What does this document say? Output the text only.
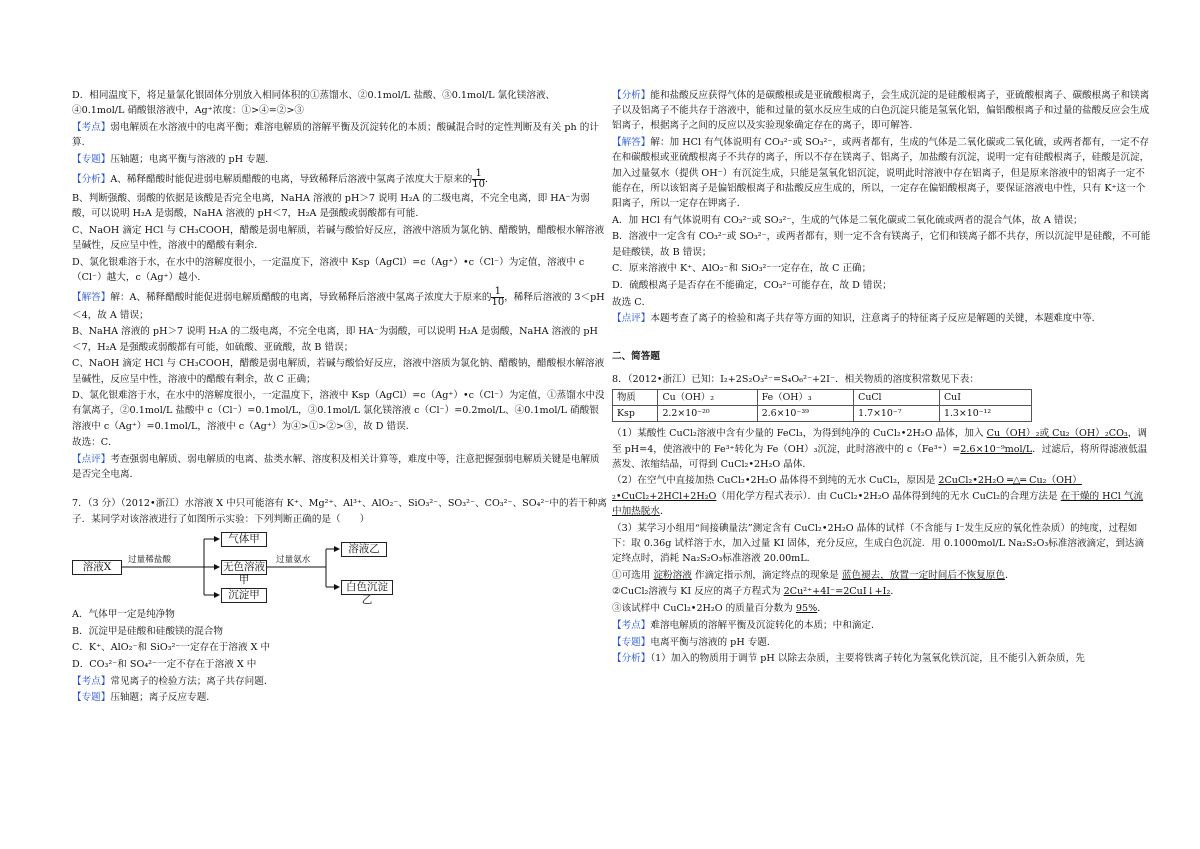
D．相同温度下，将足量氯化银固体分别放入相同体积的①蒸馏水、②0.1mol/L 盐酸、③0.1mol/L 氯化镁溶液、④0.1mol/L 硝酸银溶液中，Ag⁺浓度：①>④=②>③

【考点】弱电解质在水溶液中的电离平衡；难溶电解质的溶解平衡及沉淀转化的本质；酸碱混合时的定性判断及有关 ph 的计算．

【专题】压轴题；电离平衡与溶液的 pH 专题．

【分析】A、稀释醋酸时能促进弱电解质醋酸的电离，导致稀释后溶液中氢离子浓度大于原来的 $\frac{1}{10}$ ．

B、判断强酸、弱酸的依据是该酸是否完全电离，NaHA 溶液的 pH＞7 说明 H₂A 的二级电离，不完全电离，即 HA⁻为弱酸，可以说明 H₂A 是弱酸，NaHA 溶液的 pH＜7，H₂A 是强酸或弱酸都有可能．

C、NaOH 滴定 HCl 与 CH₃COOH，醋酸是弱电解质，若碱与酸恰好反应，溶液中溶质为氯化钠、醋酸钠，醋酸根水解溶液呈碱性，反应呈中性，溶液中的醋酸有剩余．

D、氯化银难溶于水，在水中的溶解度很小，一定温度下，溶液中 Ksp（AgCl）=c（Ag⁺）•c（Cl⁻）为定值，溶液中 c（Cl⁻）越大，c（Ag⁺）越小．

【解答】解：A、稀释醋酸时能促进弱电解质醋酸的电离，导致稀释后溶液中氢离子浓度大于原来的 $\frac{1}{10}$ ，稀释后溶液的 3＜pH＜4，故 A 错误；

B、NaHA 溶液的 pH＞7 说明 H₂A 的二级电离，不完全电离，即 HA⁻为弱酸，可以说明 H₂A 是弱酸，NaHA 溶液的 pH＜7，H₂A 是强酸或弱酸都有可能，如硫酸、亚硫酸，故 B 错误；

C、NaOH 滴定 HCl 与 CH₃COOH，醋酸是弱电解质，若碱与酸恰好反应，溶液中溶质为氯化钠、醋酸钠，醋酸根水解溶液呈碱性，反应呈中性，溶液中的醋酸有剩余，故 C 正确；

D、氯化银难溶于水，在水中的溶解度很小，一定温度下，溶液中 Ksp（AgCl）=c（Ag⁺）•c（Cl⁻）为定值，①蒸馏水中没有氯离子，②0.1mol/L 盐酸中 c（Cl⁻）=0.1mol/L，③0.1mol/L 氯化镁溶液 c（Cl⁻）=0.2mol/L、④0.1mol/L 硝酸银溶液中 c（Ag⁺）=0.1mol/L，溶液中 c（Ag⁺）为④>①>②>③，故 D 错误．

故选：C．

【点评】考查强弱电解质、弱电解质的电离、盐类水解、溶度积及相关计算等，难度中等，注意把握强弱电解质关键是电解质是否完全电离．

7．（3 分）（2012•浙江）水溶液 X 中只可能溶有 K⁺、Mg²⁺、Al³⁺、AlO₂⁻、SiO₃²⁻、SO₃²⁻、CO₃²⁻、SO₄²⁻中的若干种离子．某同学对该溶液进行了如图所示实验：下列判断正确的是（　　）

溶液X
过量稀盐酸
气体甲
无色溶液甲
沉淀甲
过量氨水
溶液乙
白色沉淀乙

A．气体甲一定是纯净物

B．沉淀甲是硅酸和硅酸镁的混合物

C．K⁺、AlO₂⁻和 SiO₃²⁻一定存在于溶液 X 中

D．CO₃²⁻和 SO₄²⁻一定不存在于溶液 X 中

【考点】常见离子的检验方法；离子共存问题．

【专题】压轴题；离子反应专题．

【分析】能和盐酸反应获得气体的是碳酸根或是亚硫酸根离子，会生成沉淀的是硅酸根离子，亚硫酸根离子、碳酸根离子和镁离子以及铝离子不能共存于溶液中，能和过量的氨水反应生成的白色沉淀只能是氢氧化铝，偏铝酸根离子和过量的盐酸反应会生成铝离子，根据离子之间的反应以及实验现象确定存在的离子，即可解答．

【解答】解：加 HCl 有气体说明有 CO₃²⁻或 SO₃²⁻，或两者都有，生成的气体是二氧化碳或二氧化硫，或两者都有，一定不存在和碳酸根或亚硫酸根离子不共存的离子，所以不存在镁离子、铝离子，加盐酸有沉淀，说明一定有硅酸根离子，硅酸是沉淀，加入过量氨水（提供 OH⁻）有沉淀生成，只能是氢氧化铝沉淀，说明此时溶液中存在铝离子，但是原来溶液中的铝离子一定不能存在，所以该铝离子是偏铝酸根离子和盐酸反应生成的，所以，一定存在偏铝酸根离子，要保证溶液电中性，只有 K⁺这一个阳离子，所以一定存在钾离子．

A．加 HCl 有气体说明有 CO₃²⁻或 SO₃²⁻，生成的气体是二氧化碳或二氧化硫或两者的混合气体，故 A 错误；

B．溶液中一定含有 CO₃²⁻或 SO₃²⁻，或两者都有，则一定不含有镁离子，它们和镁离子都不共存，所以沉淀甲是硅酸，不可能是硅酸镁，故 B 错误；

C．原来溶液中 K⁺、AlO₂⁻和 SiO₃²⁻一定存在，故 C 正确；

D．硫酸根离子是否存在不能确定，CO₃²⁻可能存在，故 D 错误；

故选 C．

【点评】本题考查了离子的检验和离子共存等方面的知识，注意离子的特征离子反应是解题的关键，本题难度中等．

二、简答题

8．（2012•浙江）已知：I₂+2S₂O₃²⁻=S₄O₆²⁻+2I⁻．相关物质的溶度积常数见下表：

物质	Cu（OH）₂	Fe（OH）₃	CuCl	CuI
Ksp	2.2×10⁻²⁰	2.6×10⁻³⁹	1.7×10⁻⁷	1.3×10⁻¹²

（1）某酸性 CuCl₂溶液中含有少量的 FeCl₃，为得到纯净的 CuCl₂•2H₂O 晶体，加入 Cu（OH）₂或 Cu₂（OH）₂CO₃，调至 pH=4，使溶液中的 Fe³⁺转化为 Fe（OH）₃沉淀，此时溶液中的 c（Fe³⁺）=2.6×10⁻⁹mol/L．过滤后，将所得滤液低温蒸发、浓缩结晶，可得到 CuCl₂•2H₂O 晶体．

（2）在空气中直接加热 CuCl₂•2H₂O 晶体得不到纯的无水 CuCl₂，原因是 2CuCl₂•2H₂O ═△═ Cu₂（OH）₂•CuCl₂+2HCl+2H₂O（用化学方程式表示）．由 CuCl₂•2H₂O 晶体得到纯的无水 CuCl₂的合理方法是 在干燥的 HCl 气流中加热脱水．

（3）某学习小组用“间接碘量法”测定含有 CuCl₂•2H₂O 晶体的试样（不含能与 I⁻发生反应的氧化性杂质）的纯度，过程如下：取 0.36g 试样溶于水，加入过量 KI 固体，充分反应，生成白色沉淀．用 0.1000mol/L Na₂S₂O₃标准溶液滴定，到达滴定终点时，消耗 Na₂S₂O₃标准溶液 20.00mL．

①可选用 淀粉溶液 作滴定指示剂，滴定终点的现象是 蓝色褪去，放置一定时间后不恢复原色．

②CuCl₂溶液与 KI 反应的离子方程式为 2Cu²⁺+4I⁻=2CuI↓+I₂．

③该试样中 CuCl₂•2H₂O 的质量百分数为 95%．

【考点】难溶电解质的溶解平衡及沉淀转化的本质；中和滴定．

【专题】电离平衡与溶液的 pH 专题．

【分析】（1）加入的物质用于调节 pH 以除去杂质，主要将铁离子转化为氢氧化铁沉淀，且不能引入新杂质，先
